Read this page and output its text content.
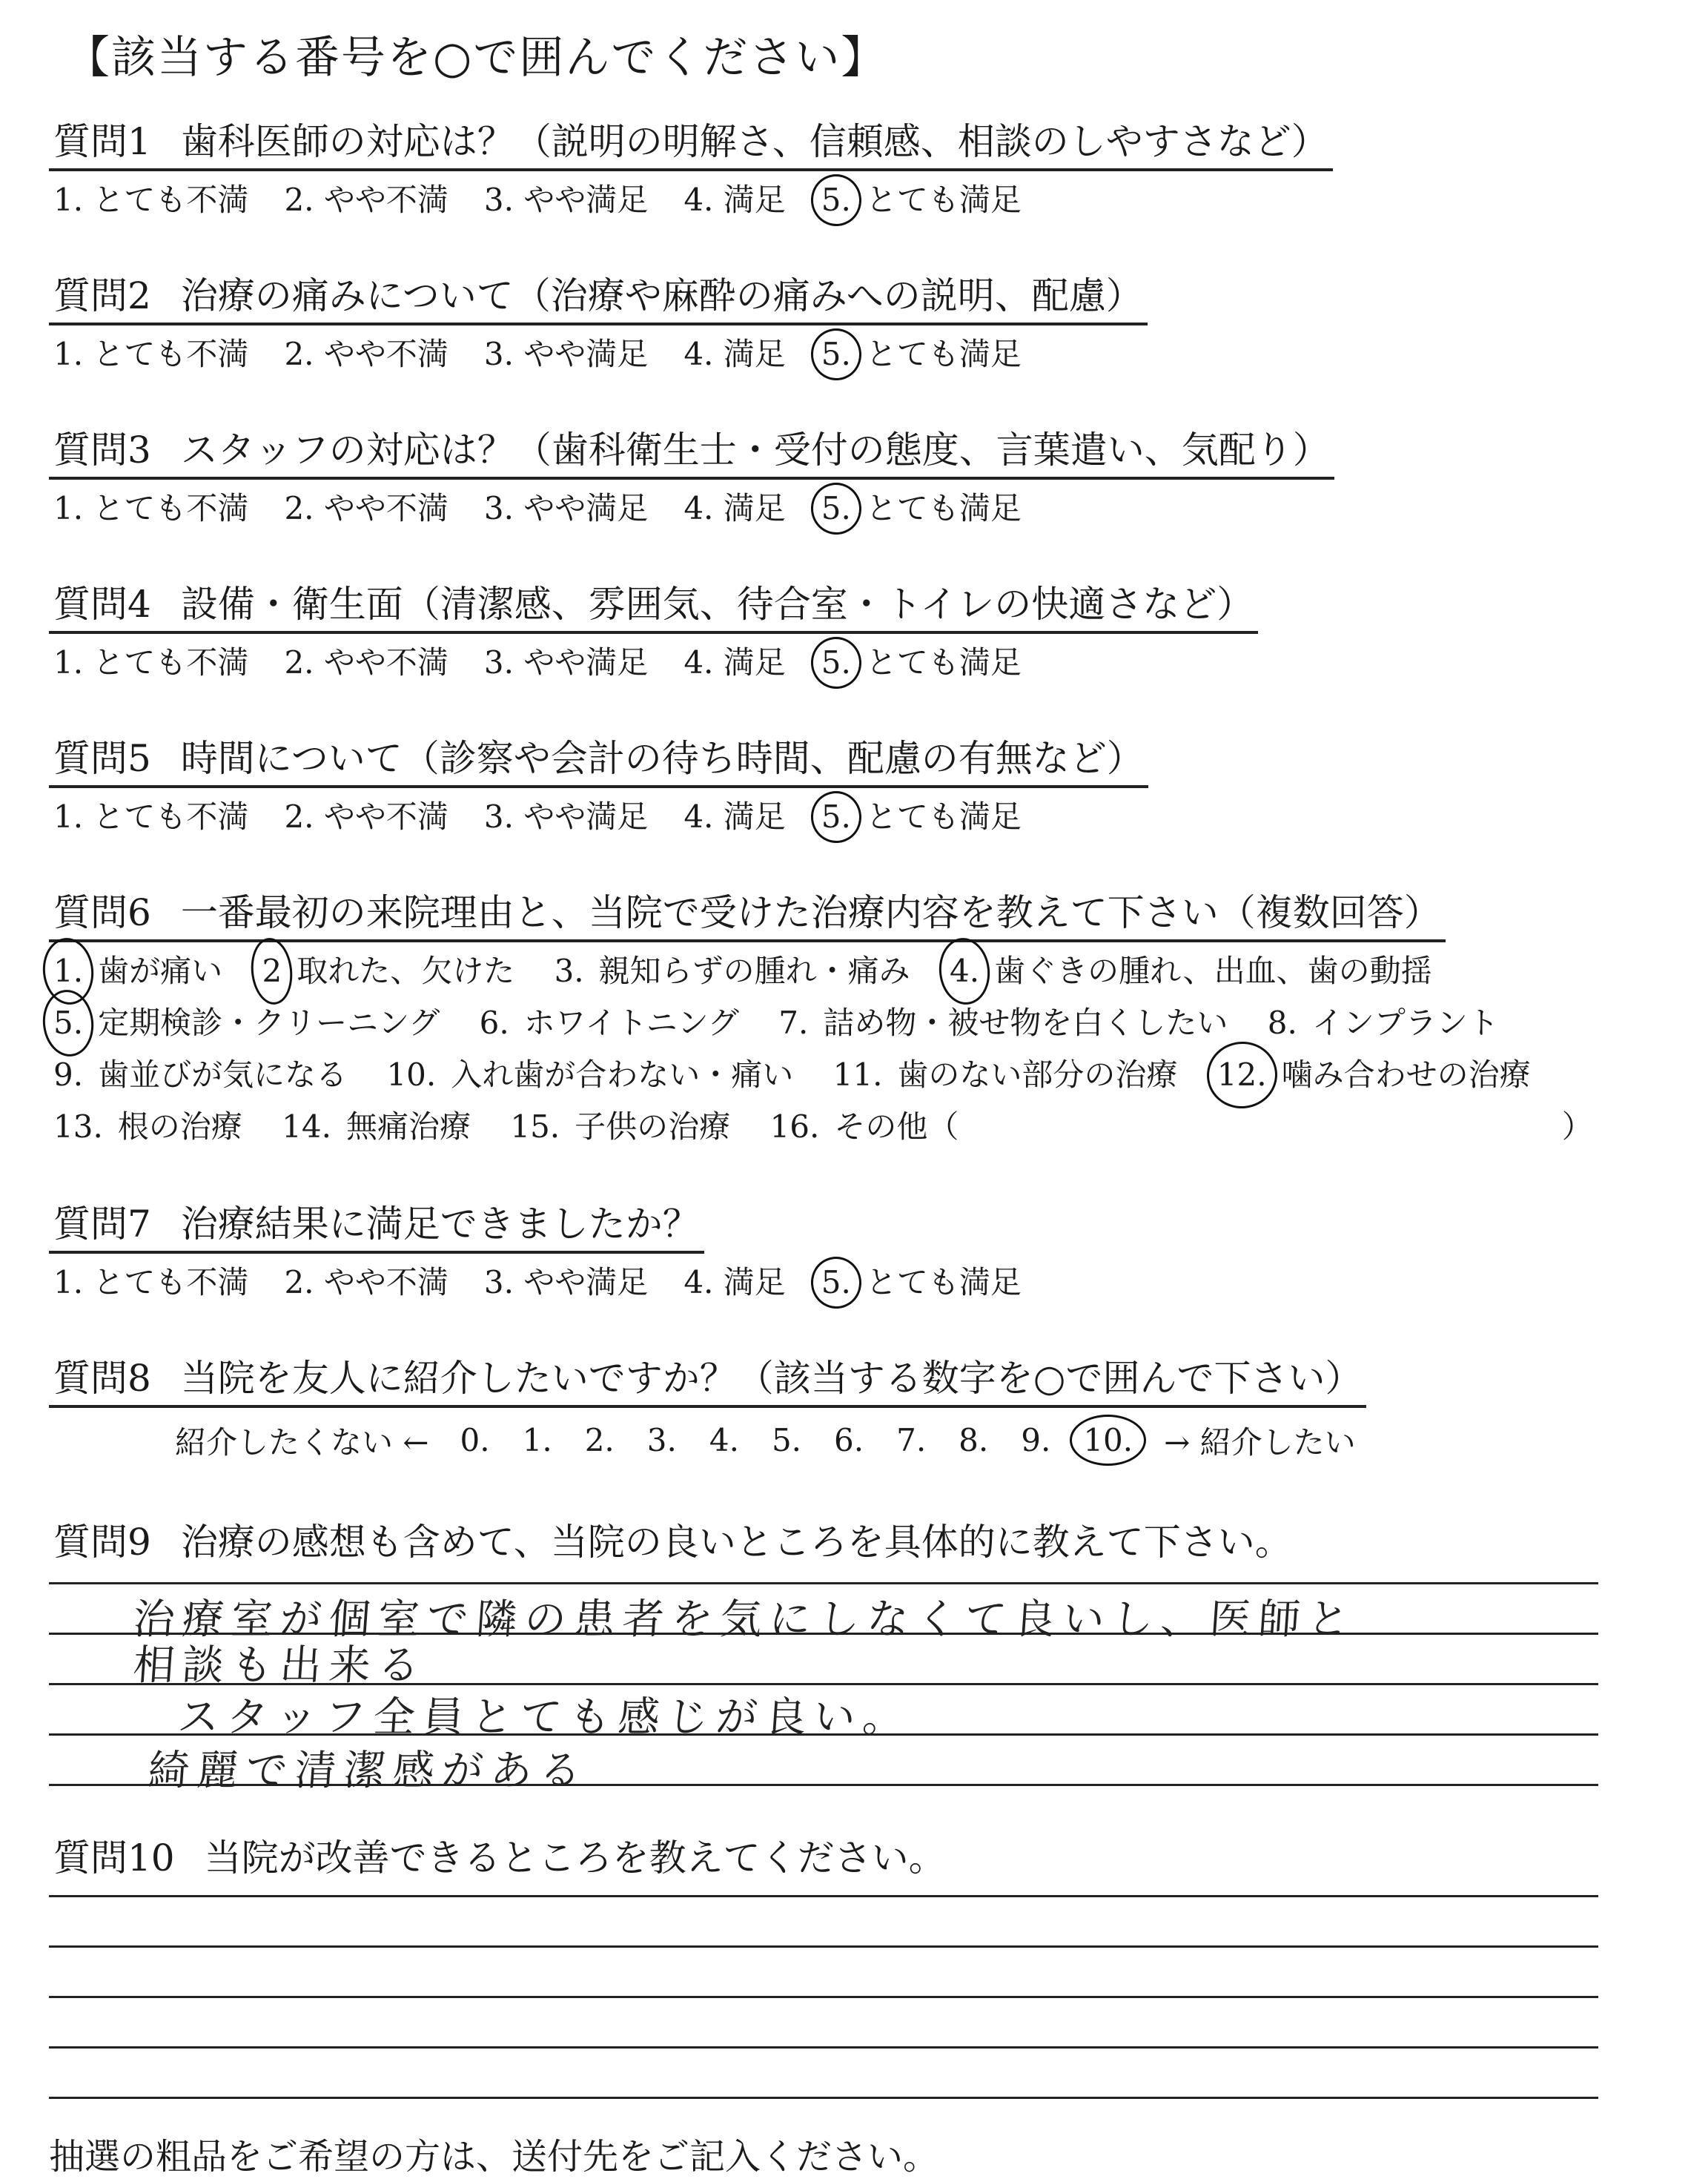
【該当する番号を○で囲んでください】
質問1 歯科医師の対応は？（説明の明解さ、信頼感、相談のしやすさなど）
1. とても不満 2. やや不満 3. やや満足 4. 満足 5. とても満足
質問2 治療の痛みについて（治療や麻酔の痛みへの説明、配慮）
1. とても不満 2. やや不満 3. やや満足 4. 満足 5. とても満足
質問3 スタッフの対応は？（歯科衛生士・受付の態度、言葉遣い、気配り）
1. とても不満 2. やや不満 3. やや満足 4. 満足 5. とても満足
質問4 設備・衛生面（清潔感、雰囲気、待合室・トイレの快適さなど）
1. とても不満 2. やや不満 3. やや満足 4. 満足 5. とても満足
質問5 時間について（診察や会計の待ち時間、配慮の有無など）
1. とても不満 2. やや不満 3. やや満足 4. 満足 5. とても満足
質問6 一番最初の来院理由と、当院で受けた治療内容を教えて下さい（複数回答）
1. 歯が痛い
2 取れた、欠けた
3. 親知らずの腫れ・痛み
4. 歯ぐきの腫れ、出血、歯の動揺
5. 定期検診・クリーニング
6. ホワイトニング
7. 詰め物・被せ物を白くしたい
8. インプラント
9. 歯並びが気になる
10. 入れ歯が合わない・痛い
11. 歯のない部分の治療
12. 噛み合わせの治療
13. 根の治療
14. 無痛治療
15. 子供の治療
16. その他（	）
質問7 治療結果に満足できましたか？
1. とても不満 2. やや不満 3. やや満足 4. 満足 5. とても満足
質問8 当院を友人に紹介したいですか？（該当する数字を○で囲んで下さい）
紹介したくない ← 0. 1. 2. 3. 4. 5. 6. 7. 8. 9. 10. → 紹介したい
質問9 治療の感想も含めて、当院の良いところを具体的に教えて下さい。
治療室が個室で隣の患者を気にしなくて良いし、医師と
相談も出来る
スタッフ全員とても感じが良い。
綺麗で清潔感がある
質問10 当院が改善できるところを教えてください。
抽選の粗品をご希望の方は、送付先をご記入ください。
